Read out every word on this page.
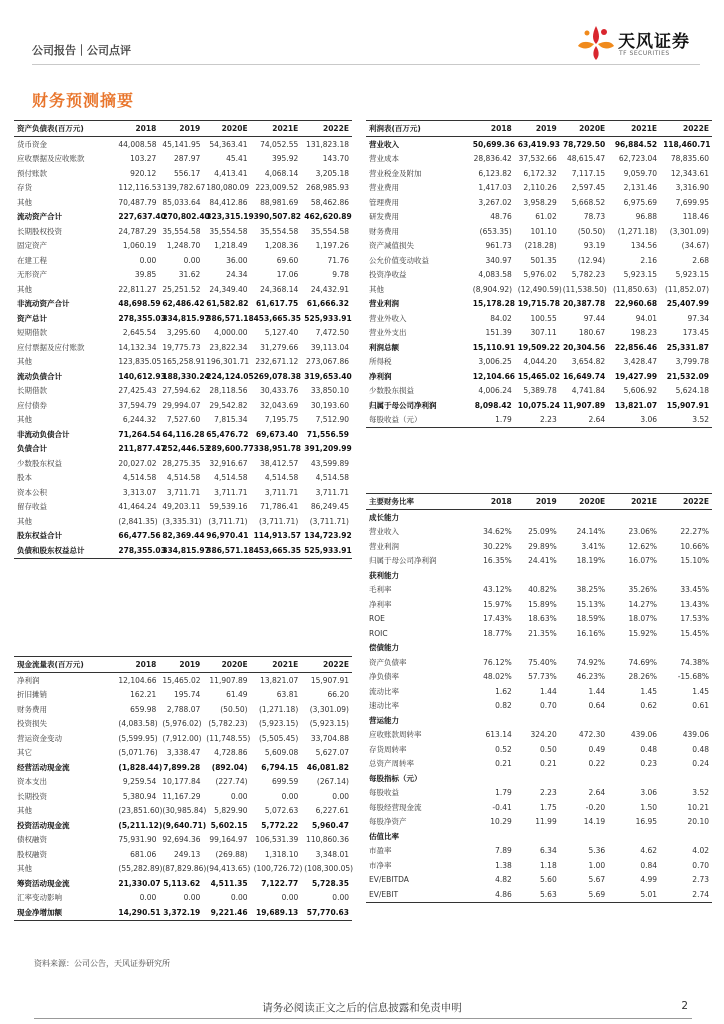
公司报告｜公司点评	天风证券
TF SECURITIES
财务预测摘要
资产负债表(百万元)	2018	2019	2020E	2021E	2022E
货币资金	44,008.58	45,141.95	54,363.41	74,052.55	131,823.18
应收票据及应收账款	103.27	287.97	45.41	395.92	143.70
预付账款	920.12	556.17	4,413.41	4,068.14	3,205.18
存货	112,116.53	139,782.67	180,080.09	223,009.52	268,985.93
其他	70,487.79	85,033.64	84,412.86	88,981.69	58,462.86
流动资产合计	227,637.40	270,802.40	323,315.19	390,507.82	462,620.89
长期股权投资	24,787.29	35,554.58	35,554.58	35,554.58	35,554.58
固定资产	1,060.19	1,248.70	1,218.49	1,208.36	1,197.26
在建工程	0.00	0.00	36.00	69.60	71.76
无形资产	39.85	31.62	24.34	17.06	9.78
其他	22,811.27	25,251.52	24,349.40	24,368.14	24,432.91
非流动资产合计	48,698.59	62,486.42	61,582.82	61,617.75	61,666.32
资产总计	278,355.03	334,815.97	386,571.18	453,665.35	525,933.91
短期借款	2,645.54	3,295.60	4,000.00	5,127.40	7,472.50
应付票据及应付账款	14,132.34	19,775.73	23,822.34	31,279.66	39,113.04
其他	123,835.05	165,258.91	196,301.71	232,671.12	273,067.86
流动负债合计	140,612.93	188,330.24	224,124.05	269,078.38	319,653.40
长期借款	27,425.43	27,594.62	28,118.56	30,433.76	33,850.10
应付债券	37,594.79	29,994.07	29,542.82	32,043.69	30,193.60
其他	6,244.32	7,527.60	7,815.34	7,195.75	7,512.90
非流动负债合计	71,264.54	64,116.28	65,476.72	69,673.40	71,556.59
负债合计	211,877.47	252,446.53	289,600.77	338,951.78	391,209.99
少数股东权益	20,027.02	28,275.35	32,916.67	38,412.57	43,599.89
股本	4,514.58	4,514.58	4,514.58	4,514.58	4,514.58
资本公积	3,313.07	3,711.71	3,711.71	3,711.71	3,711.71
留存收益	41,464.24	49,203.11	59,539.16	71,786.41	86,249.45
其他	(2,841.35)	(3,335.31)	(3,711.71)	(3,711.71)	(3,711.71)
股东权益合计	66,477.56	82,369.44	96,970.41	114,913.57	134,723.92
负债和股东权益总计	278,355.03	334,815.97	386,571.18	453,665.35	525,933.91
利润表(百万元)	2018	2019	2020E	2021E	2022E
营业收入	50,699.36	63,419.93	78,729.50	96,884.52	118,460.71
营业成本	28,836.42	37,532.66	48,615.47	62,723.04	78,835.60
营业税金及附加	6,123.82	6,172.32	7,117.15	9,059.70	12,343.61
营业费用	1,417.03	2,110.26	2,597.45	2,131.46	3,316.90
管理费用	3,267.02	3,958.29	5,668.52	6,975.69	7,699.95
研发费用	48.76	61.02	78.73	96.88	118.46
财务费用	(653.35)	101.10	(50.50)	(1,271.18)	(3,301.09)
资产减值损失	961.73	(218.28)	93.19	134.56	(34.67)
公允价值变动收益	340.97	501.35	(12.94)	2.16	2.68
投资净收益	4,083.58	5,976.02	5,782.23	5,923.15	5,923.15
其他	(8,904.92)	(12,490.59)	(11,538.50)	(11,850.63)	(11,852.07)
营业利润	15,178.28	19,715.78	20,387.78	22,960.68	25,407.99
营业外收入	84.02	100.55	97.44	94.01	97.34
营业外支出	151.39	307.11	180.67	198.23	173.45
利润总额	15,110.91	19,509.22	20,304.56	22,856.46	25,331.87
所得税	3,006.25	4,044.20	3,654.82	3,428.47	3,799.78
净利润	12,104.66	15,465.02	16,649.74	19,427.99	21,532.09
少数股东损益	4,006.24	5,389.78	4,741.84	5,606.92	5,624.18
归属于母公司净利润	8,098.42	10,075.24	11,907.89	13,821.07	15,907.91
每股收益（元）	1.79	2.23	2.64	3.06	3.52
主要财务比率	2018	2019	2020E	2021E	2022E
成长能力					
营业收入	34.62%	25.09%	24.14%	23.06%	22.27%
营业利润	30.22%	29.89%	3.41%	12.62%	10.66%
归属于母公司净利润	16.35%	24.41%	18.19%	16.07%	15.10%
获利能力					
毛利率	43.12%	40.82%	38.25%	35.26%	33.45%
净利率	15.97%	15.89%	15.13%	14.27%	13.43%
ROE	17.43%	18.63%	18.59%	18.07%	17.53%
ROIC	18.77%	21.35%	16.16%	15.92%	15.45%
偿债能力					
资产负债率	76.12%	75.40%	74.92%	74.69%	74.38%
净负债率	48.02%	57.73%	46.23%	28.26%	-15.68%
流动比率	1.62	1.44	1.44	1.45	1.45
速动比率	0.82	0.70	0.64	0.62	0.61
营运能力					
应收账款周转率	613.14	324.20	472.30	439.06	439.06
存货周转率	0.52	0.50	0.49	0.48	0.48
总资产周转率	0.21	0.21	0.22	0.23	0.24
每股指标（元）					
每股收益	1.79	2.23	2.64	3.06	3.52
每股经营现金流	-0.41	1.75	-0.20	1.50	10.21
每股净资产	10.29	11.99	14.19	16.95	20.10
估值比率					
市盈率	7.89	6.34	5.36	4.62	4.02
市净率	1.38	1.18	1.00	0.84	0.70
EV/EBITDA	4.82	5.60	5.67	4.99	2.73
EV/EBIT	4.86	5.63	5.69	5.01	2.74
现金流量表(百万元)	2018	2019	2020E	2021E	2022E
净利润	12,104.66	15,465.02	11,907.89	13,821.07	15,907.91
折旧摊销	162.21	195.74	61.49	63.81	66.20
财务费用	659.98	2,788.07	(50.50)	(1,271.18)	(3,301.09)
投资损失	(4,083.58)	(5,976.02)	(5,782.23)	(5,923.15)	(5,923.15)
营运资金变动	(5,599.95)	(7,912.00)	(11,748.55)	(5,505.45)	33,704.88
其它	(5,071.76)	3,338.47	4,728.86	5,609.08	5,627.07
经营活动现金流	(1,828.44)	7,899.28	(892.04)	6,794.15	46,081.82
资本支出	9,259.54	10,177.84	(227.74)	699.59	(267.14)
长期投资	5,380.94	11,167.29	0.00	0.00	0.00
其他	(23,851.60)	(30,985.84)	5,829.90	5,072.63	6,227.61
投资活动现金流	(5,211.12)	(9,640.71)	5,602.15	5,772.22	5,960.47
债权融资	75,931.90	92,694.36	99,164.97	106,531.39	110,860.36
股权融资	681.06	249.13	(269.88)	1,318.10	3,348.01
其他	(55,282.89)	(87,829.86)	(94,413.65)	(100,726.72)	(108,300.05)
筹资活动现金流	21,330.07	5,113.62	4,511.35	7,122.77	5,728.35
汇率变动影响	0.00	0.00	0.00	0.00	0.00
现金净增加额	14,290.51	3,372.19	9,221.46	19,689.13	57,770.63
资料来源：公司公告，天风证券研究所
请务必阅读正文之后的信息披露和免责申明	2
